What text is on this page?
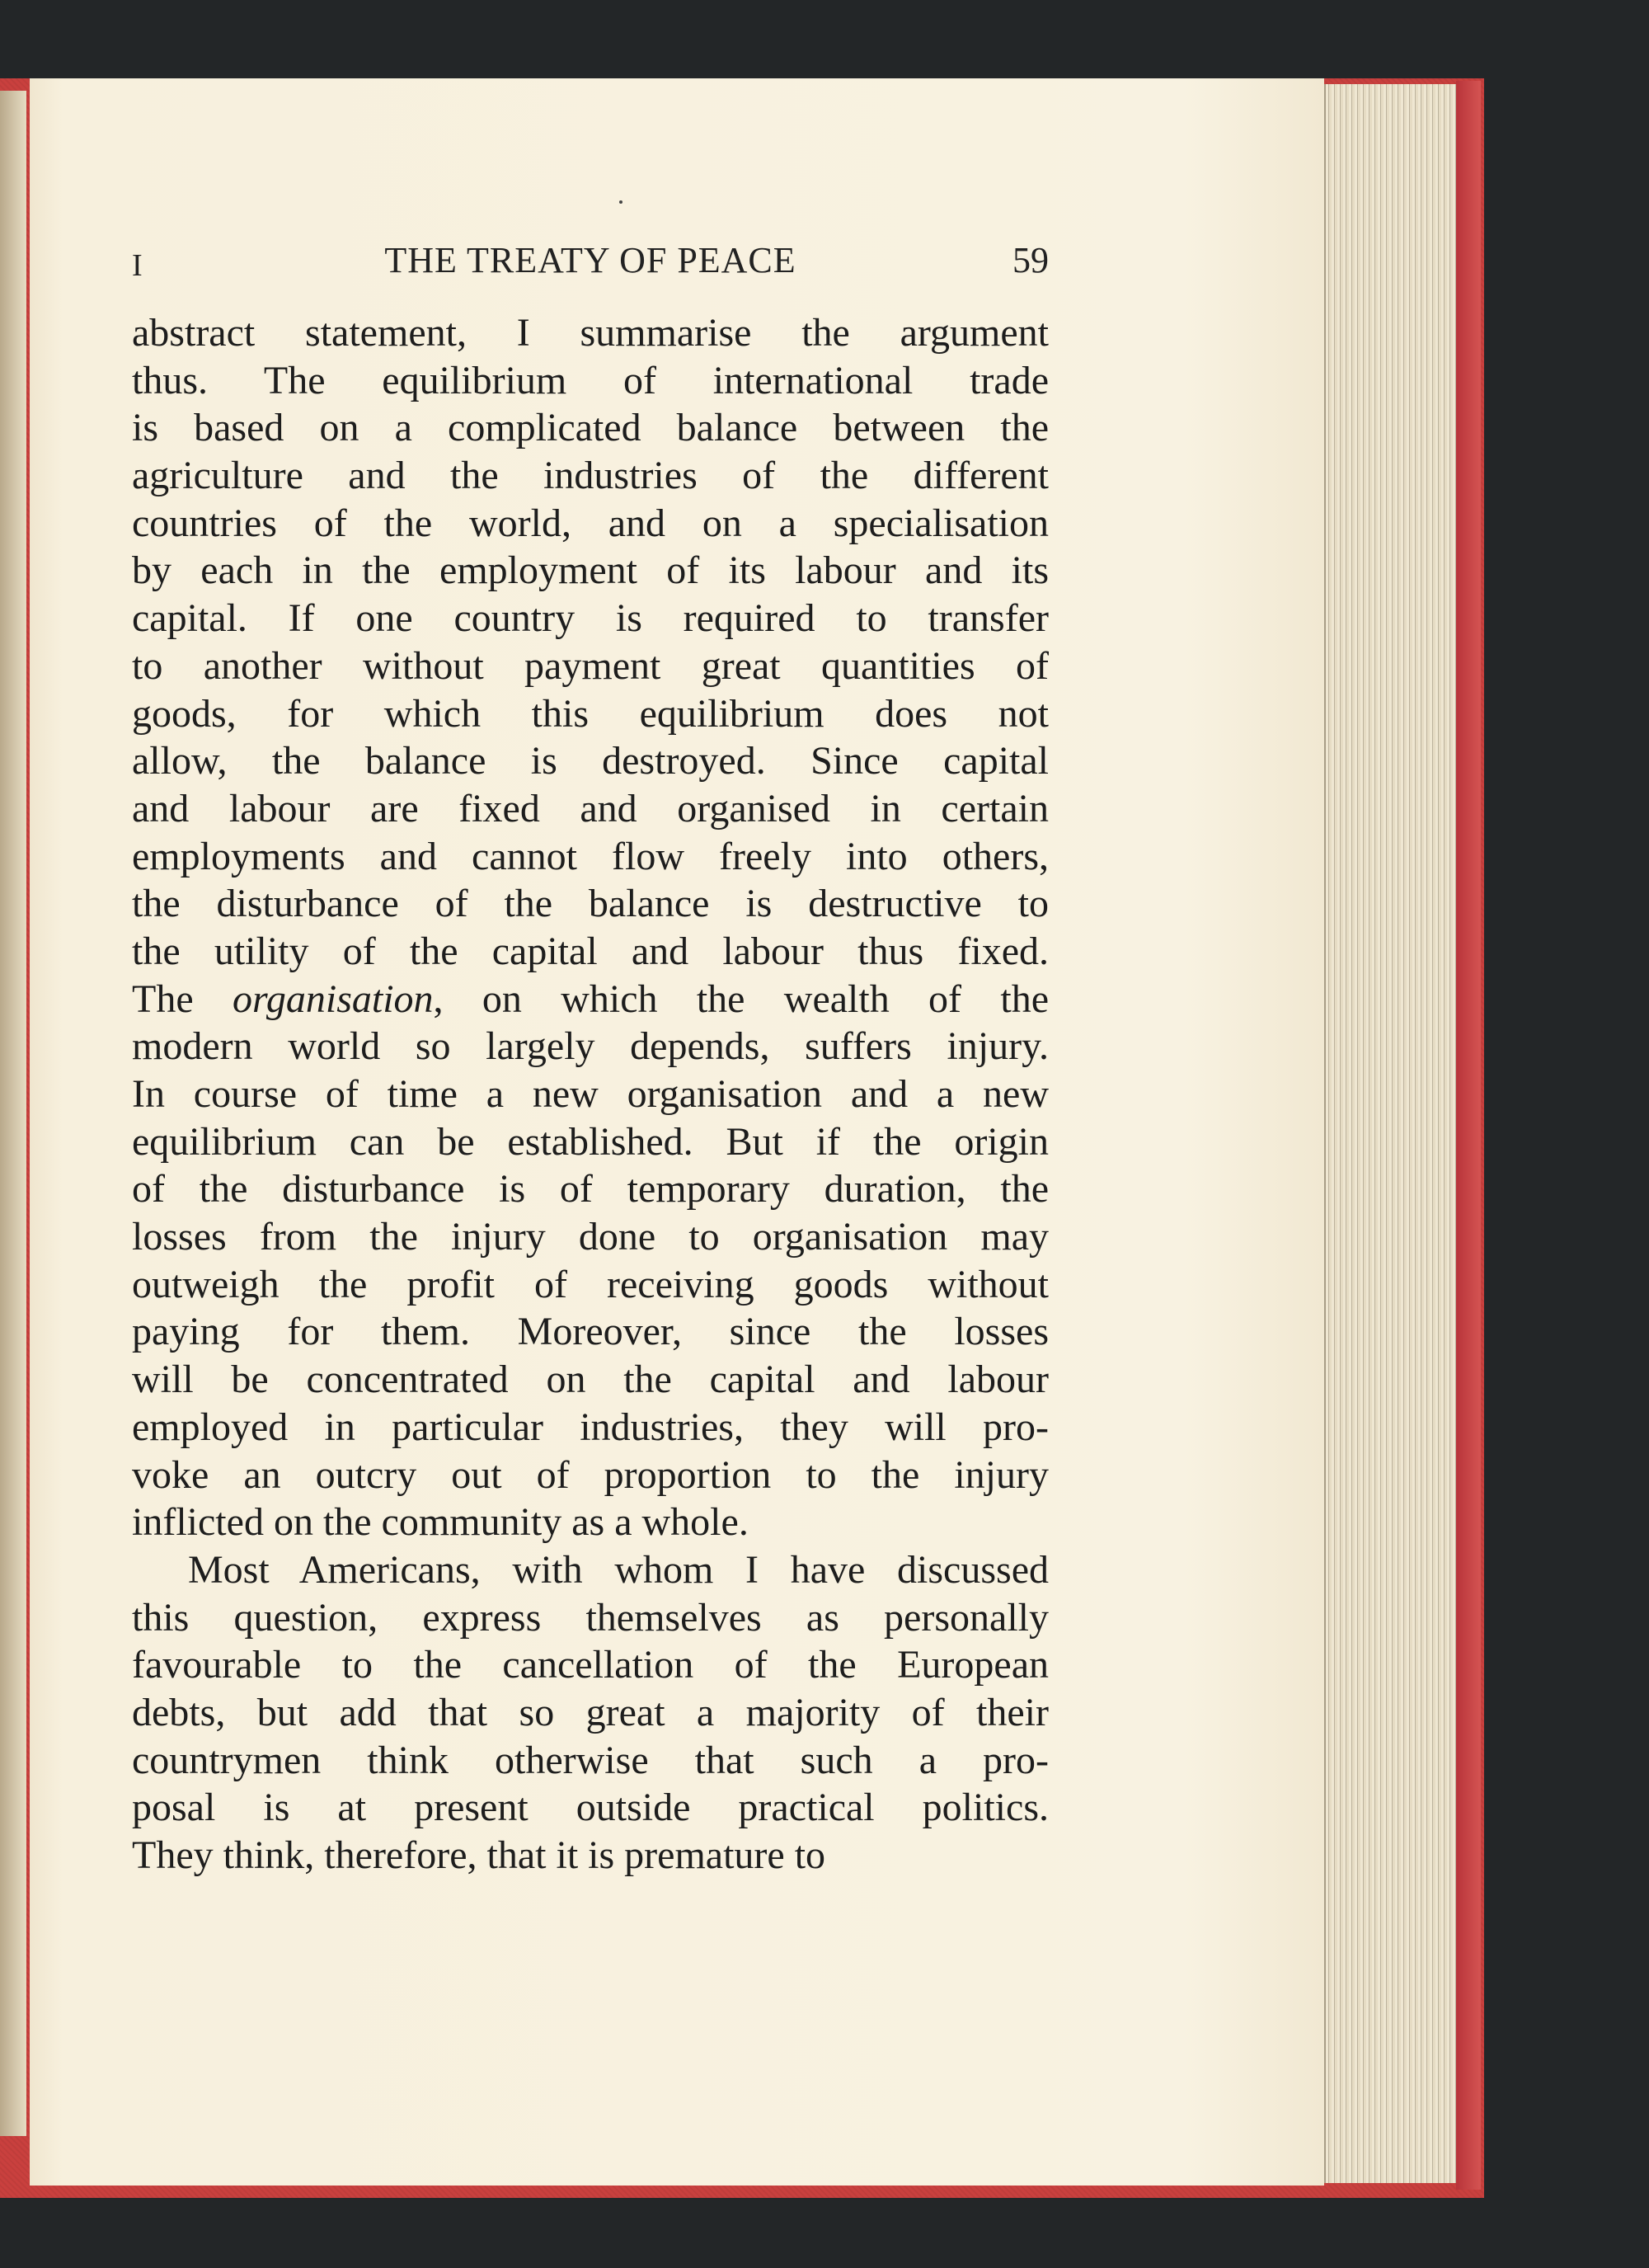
I	THE TREATY OF PEACE	59
abstract statement, I summarise the argument
thus. The equilibrium of international trade
is based on a complicated balance between the
agriculture and the industries of the different
countries of the world, and on a specialisation
by each in the employment of its labour and its
capital. If one country is required to transfer
to another without payment great quantities of
goods, for which this equilibrium does not
allow, the balance is destroyed. Since capital
and labour are fixed and organised in certain
employments and cannot flow freely into others,
the disturbance of the balance is destructive to
the utility of the capital and labour thus fixed.
The organisation, on which the wealth of the
modern world so largely depends, suffers injury.
In course of time a new organisation and a new
equilibrium can be established. But if the origin
of the disturbance is of temporary duration, the
losses from the injury done to organisation may
outweigh the profit of receiving goods without
paying for them. Moreover, since the losses
will be concentrated on the capital and labour
employed in particular industries, they will pro-
voke an outcry out of proportion to the injury
inflicted on the community as a whole.
Most Americans, with whom I have discussed
this question, express themselves as personally
favourable to the cancellation of the European
debts, but add that so great a majority of their
countrymen think otherwise that such a pro-
posal is at present outside practical politics.
They think, therefore, that it is premature to
